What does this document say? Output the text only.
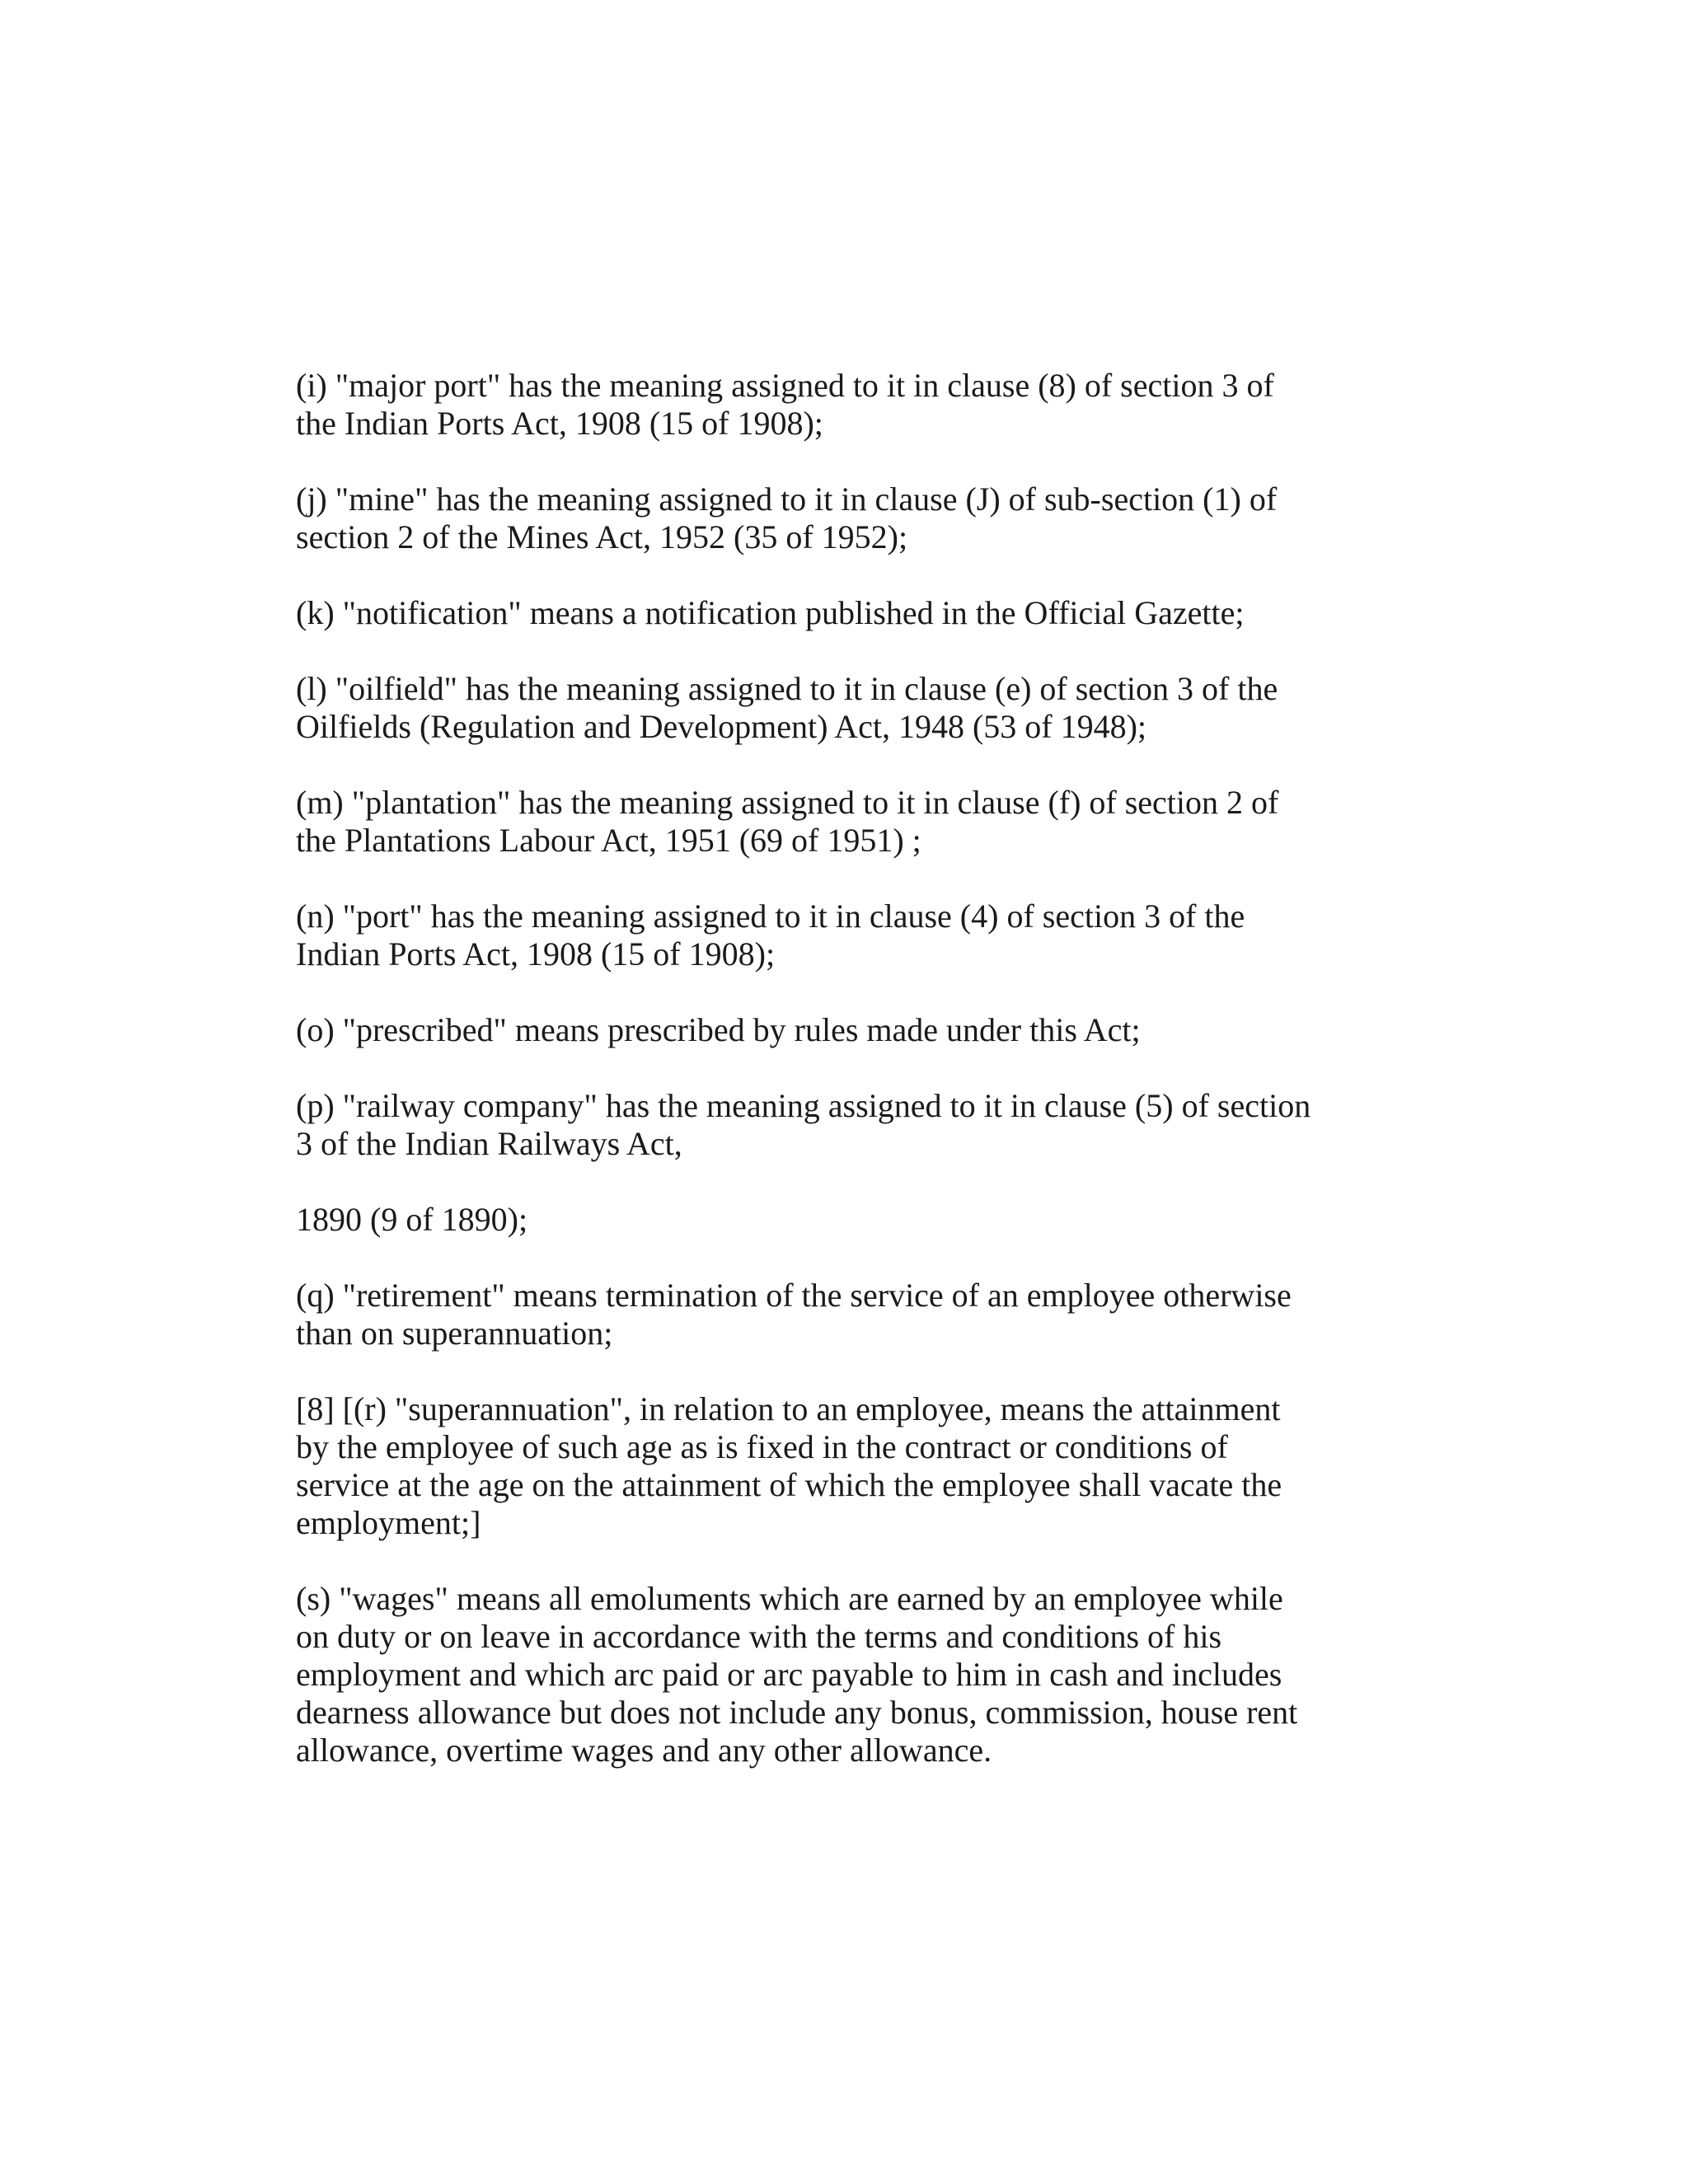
(i) "major port" has the meaning assigned to it in clause (8) of section 3 of
the Indian Ports Act, 1908 (15 of 1908);

(j) "mine" has the meaning assigned to it in clause (J) of sub-section (1) of
section 2 of the Mines Act, 1952 (35 of 1952);

(k) "notification" means a notification published in the Official Gazette;

(l) "oilfield" has the meaning assigned to it in clause (e) of section 3 of the
Oilfields (Regulation and Development) Act, 1948 (53 of 1948);

(m) "plantation" has the meaning assigned to it in clause (f) of section 2 of
the Plantations Labour Act, 1951 (69 of 1951) ;

(n) "port" has the meaning assigned to it in clause (4) of section 3 of the
Indian Ports Act, 1908 (15 of 1908);

(o) "prescribed" means prescribed by rules made under this Act;

(p) "railway company" has the meaning assigned to it in clause (5) of section
3 of the Indian Railways Act,

1890 (9 of 1890);

(q) "retirement" means termination of the service of an employee otherwise
than on superannuation;

[8] [(r) "superannuation", in relation to an employee, means the attainment
by the employee of such age as is fixed in the contract or conditions of
service at the age on the attainment of which the employee shall vacate the
employment;]

(s) "wages" means all emoluments which are earned by an employee while
on duty or on leave in accordance with the terms and conditions of his
employment and which arc paid or arc payable to him in cash and includes
dearness allowance but does not include any bonus, commission, house rent
allowance, overtime wages and any other allowance.
